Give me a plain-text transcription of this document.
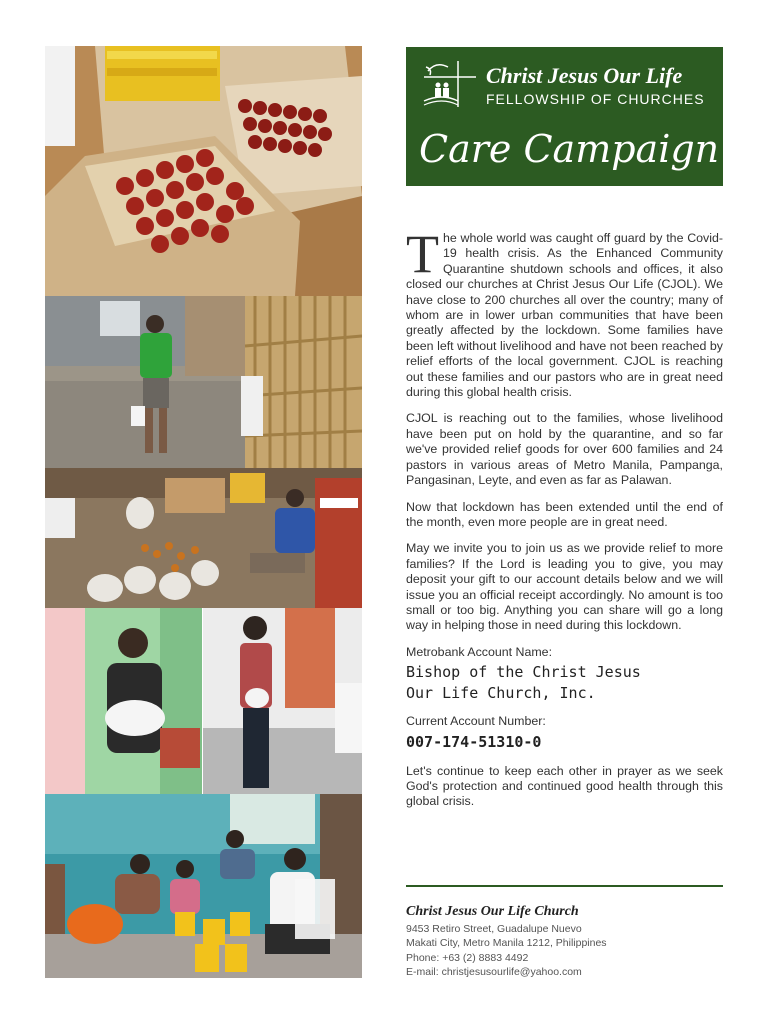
Christ Jesus Our Life
FELLOWSHIP OF CHURCHES
Care Campaign

The whole world was caught off guard by the Covid-19 health crisis. As the Enhanced Community Quarantine shutdown schools and offices, it also closed our churches at Christ Jesus Our Life (CJOL). We have close to 200 churches all over the country; many of whom are in lower urban communities that have been greatly affected by the lockdown. Some families have been left without livelihood and have not been reached by relief efforts of the local government. CJOL is reaching out these families and our pastors who are in great need during this global health crisis.

CJOL is reaching out to the families, whose livelihood have been put on hold by the quarantine, and so far we've provided relief goods for over 600 families and 24 pastors in various areas of Metro Manila, Pampanga, Pangasinan, Leyte, and even as far as Palawan.

Now that lockdown has been extended until the end of the month, even more people are in great need.

May we invite you to join us as we provide relief to more families? If the Lord is leading you to give, you may deposit your gift to our account details below and we will issue you an official receipt accordingly. No amount is too small or too big. Anything you can share will go a long way in helping those in need during this lockdown.

Metrobank Account Name:
Bishop of the Christ Jesus
Our Life Church, Inc.
Current Account Number:
007-174-51310-0

Let's continue to keep each other in prayer as we seek God's protection and continued good health through this global crisis.

Christ Jesus Our Life Church
9453 Retiro Street, Guadalupe Nuevo
Makati City, Metro Manila 1212, Philippines
Phone: +63 (2) 8883 4492
E-mail: christjesusourlife@yahoo.com
